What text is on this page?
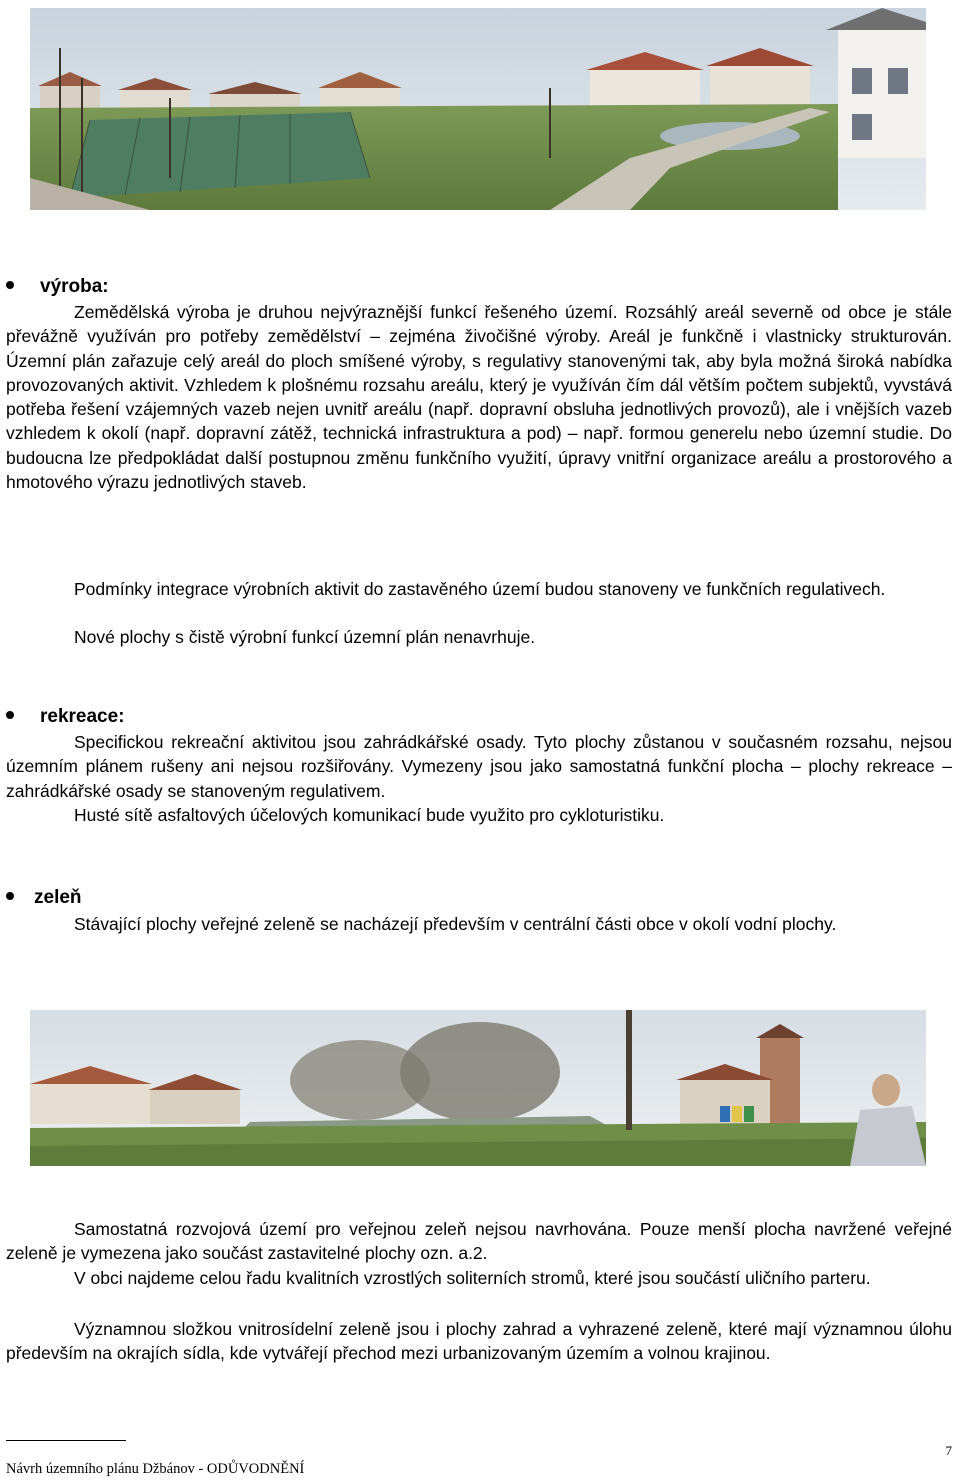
výroba:
Zemědělská výroba je druhou nejvýraznější funkcí řešeného území. Rozsáhlý areál severně od obce je stále převážně využíván pro potřeby zemědělství – zejména živočišné výroby. Areál je funkčně i vlastnicky strukturován. Územní plán zařazuje celý areál do ploch smíšené výroby, s regulativy stanovenými tak, aby byla možná široká nabídka provozovaných aktivit. Vzhledem k plošnému rozsahu areálu, který je využíván čím dál větším počtem subjektů, vyvstává potřeba řešení vzájemných vazeb nejen uvnitř areálu (např. dopravní obsluha jednotlivých provozů), ale i vnějších vazeb vzhledem k okolí (např. dopravní zátěž, technická infrastruktura a pod) – např. formou generelu nebo územní studie. Do budoucna lze předpokládat další postupnou změnu funkčního využití, úpravy vnitřní organizace areálu a prostorového a hmotového výrazu jednotlivých staveb.
Podmínky integrace výrobních aktivit do zastavěného území budou stanoveny ve funkčních regulativech.
Nové plochy s čistě výrobní funkcí územní plán nenavrhuje.
rekreace:
Specifickou rekreační aktivitou jsou zahrádkářské osady. Tyto plochy zůstanou v současném rozsahu, nejsou územním plánem rušeny ani nejsou rozšiřovány. Vymezeny jsou jako samostatná funkční plocha – plochy rekreace – zahrádkářské osady se stanoveným regulativem.
Husté sítě asfaltových účelových komunikací bude využito pro cykloturistiku.
zeleň
Stávající plochy veřejné zeleně se nacházejí především v centrální části obce v okolí vodní plochy.
Samostatná rozvojová území pro veřejnou zeleň nejsou navrhována. Pouze menší plocha navržené veřejné zeleně je vymezena jako součást zastavitelné plochy ozn. a.2.
V obci najdeme celou řadu kvalitních vzrostlých soliterních stromů, které jsou součástí uličního parteru.
Významnou složkou vnitrosídelní zeleně jsou i plochy zahrad a vyhrazené zeleně, které mají významnou úlohu především na okrajích sídla, kde vytvářejí přechod mezi urbanizovaným územím a volnou krajinou.
7
Návrh územního plánu Džbánov - ODŮVODNĚNÍ
